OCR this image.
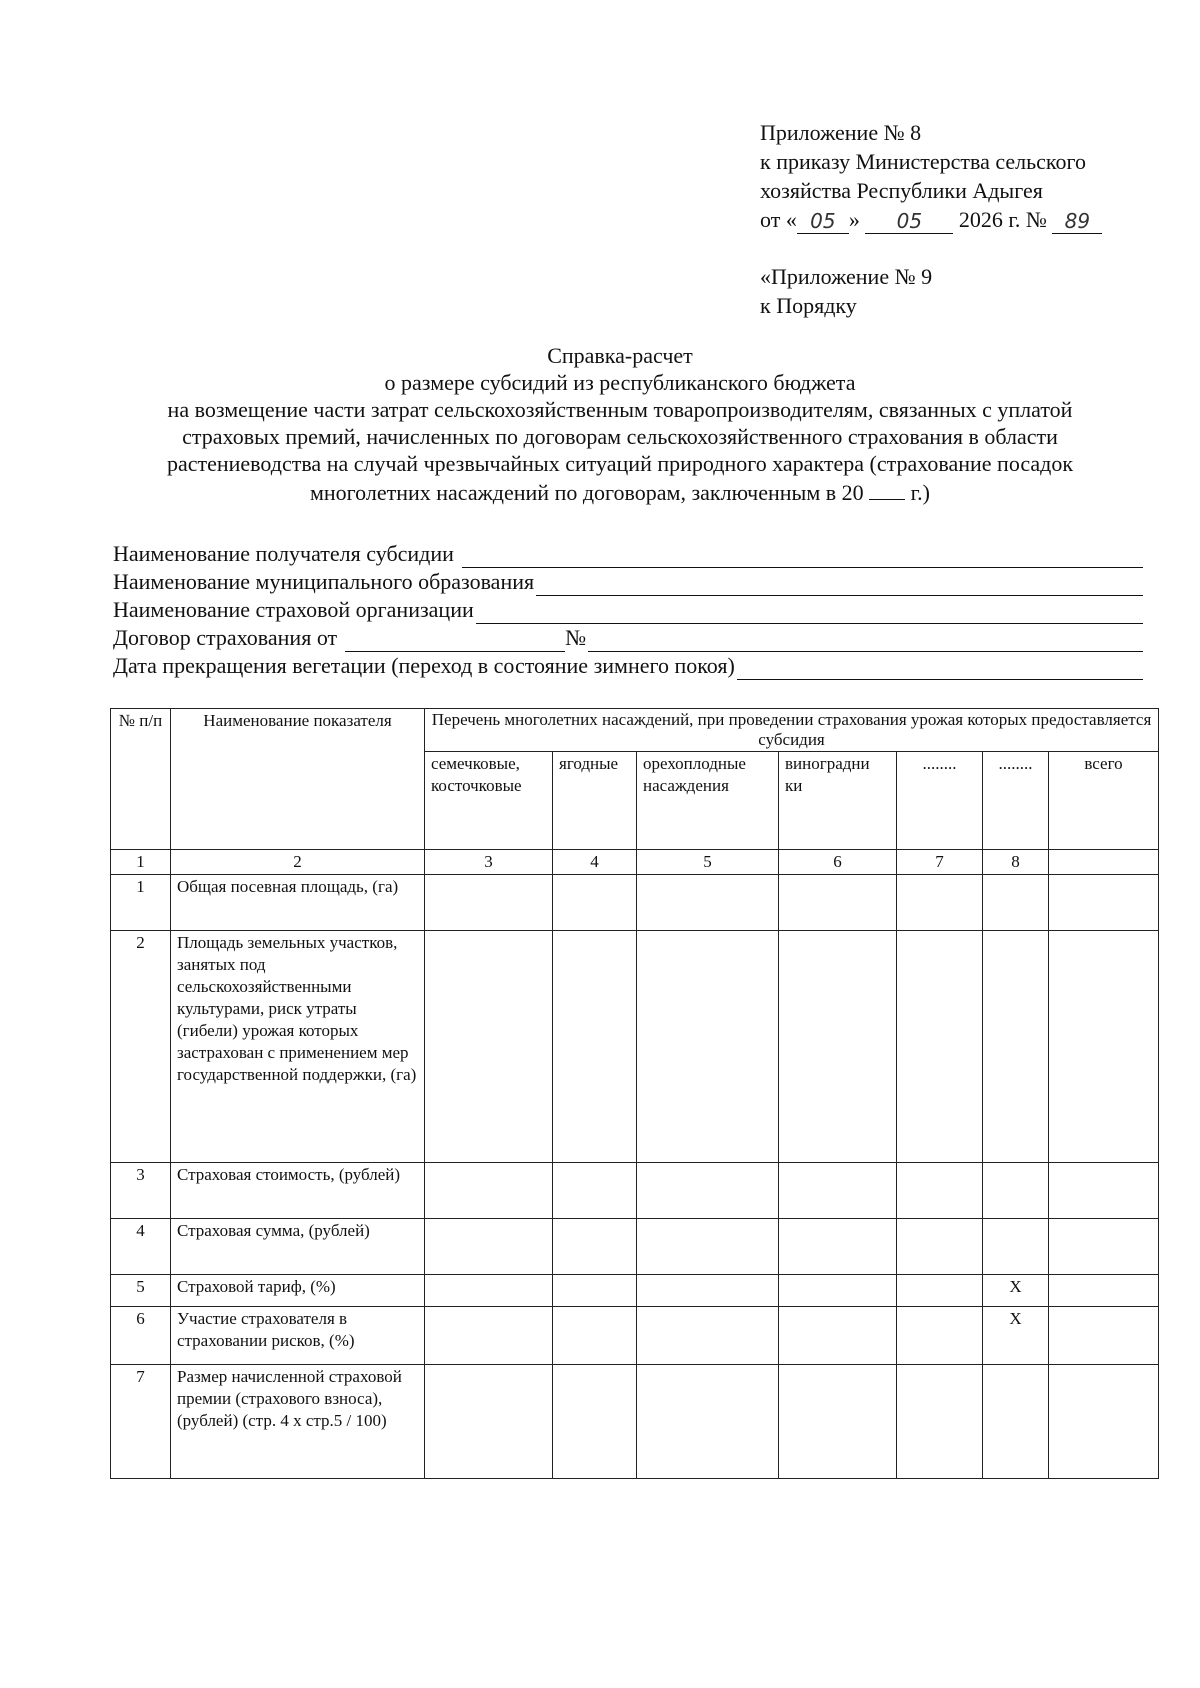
Приложение № 8
к приказу Министерства сельского
хозяйства Республики Адыгея
от « 05 » 05 2026 г. № 89
«Приложение № 9
к Порядку
Справка-расчет
о размере субсидий из республиканского бюджета
на возмещение части затрат сельскохозяйственным товаропроизводителям, связанных с уплатой
страховых премий, начисленных по договорам сельскохозяйственного страхования в области
растениеводства на случай чрезвычайных ситуаций природного характера (страхование посадок
многолетних насаждений по договорам, заключенным в 20 г.)
Наименование получателя субсидии
Наименование муниципального образования
Наименование страховой организации
Договор страхования от	№
Дата прекращения вегетации (переход в состояние зимнего покоя)
№ п/п	Наименование показателя	Перечень многолетних насаждений, при проведении страхования урожая которых предоставляется субсидия						
		семечковые, косточковые	ягодные	орехоплодные насаждения	виноградни ки	........	........	всего
1	2	3	4	5	6	7	8	
1	Общая посевная площадь, (га)							
2	Площадь земельных участков, занятых под сельскохозяйственными культурами, риск утраты (гибели) урожая которых застрахован с применением мер государственной поддержки, (га)							
3	Страховая стоимость, (рублей)							
4	Страховая сумма, (рублей)							
5	Страховой тариф, (%)						Х	
6	Участие страхователя в страховании рисков, (%)						Х	
7	Размер начисленной страховой премии (страхового взноса), (рублей) (стр. 4 х стр.5 / 100)							
